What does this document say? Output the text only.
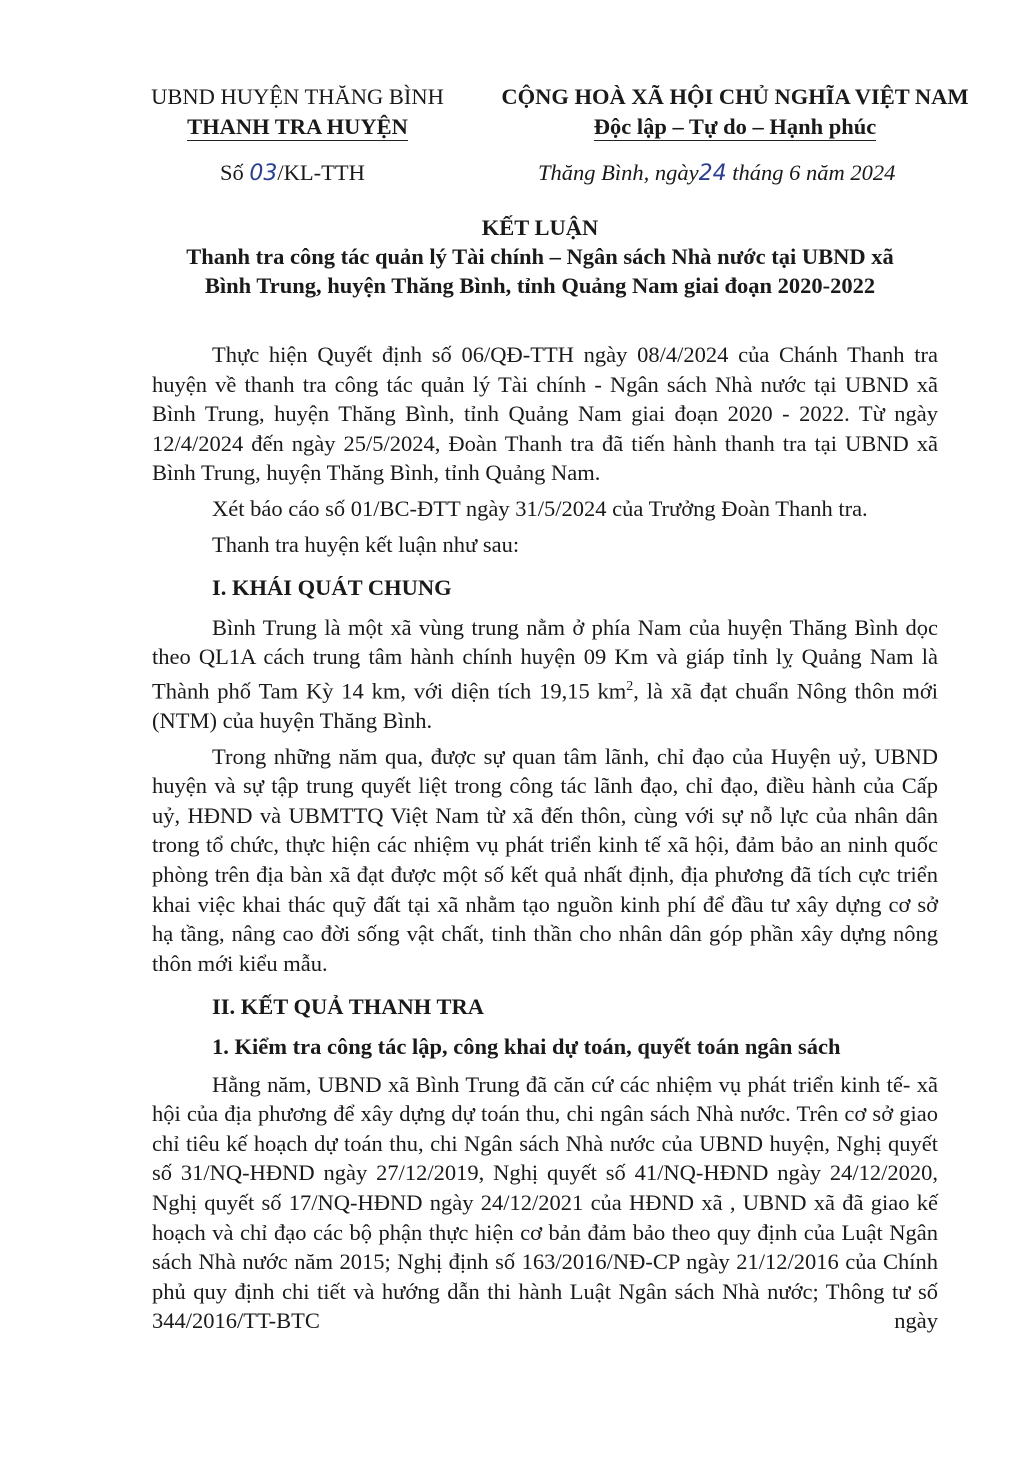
UBND HUYỆN THĂNG BÌNH
THANH TRA HUYỆN
CỘNG HOÀ XÃ HỘI CHỦ NGHĨA VIỆT NAM
Độc lập – Tự do – Hạnh phúc
Số 03/KL-TTH	Thăng Bình, ngày24 tháng 6 năm 2024
KẾT LUẬN
Thanh tra công tác quản lý Tài chính – Ngân sách Nhà nước tại UBND xã
Bình Trung, huyện Thăng Bình, tỉnh Quảng Nam giai đoạn 2020-2022

Thực hiện Quyết định số 06/QĐ-TTH ngày 08/4/2024 của Chánh Thanh tra huyện về thanh tra công tác quản lý Tài chính - Ngân sách Nhà nước tại UBND xã Bình Trung, huyện Thăng Bình, tỉnh Quảng Nam giai đoạn 2020 - 2022. Từ ngày 12/4/2024 đến ngày 25/5/2024, Đoàn Thanh tra đã tiến hành thanh tra tại UBND xã Bình Trung, huyện Thăng Bình, tỉnh Quảng Nam.

Xét báo cáo số 01/BC-ĐTT ngày 31/5/2024 của Trưởng Đoàn Thanh tra.

Thanh tra huyện kết luận như sau:

I. KHÁI QUÁT CHUNG

Bình Trung là một xã vùng trung nằm ở phía Nam của huyện Thăng Bình dọc theo QL1A cách trung tâm hành chính huyện 09 Km và giáp tỉnh lỵ Quảng Nam là Thành phố Tam Kỳ 14 km, với diện tích 19,15 $km^2$, là xã đạt chuẩn Nông thôn mới (NTM) của huyện Thăng Bình.

Trong những năm qua, được sự quan tâm lãnh, chỉ đạo của Huyện uỷ, UBND huyện và sự tập trung quyết liệt trong công tác lãnh đạo, chỉ đạo, điều hành của Cấp uỷ, HĐND và UBMTTQ Việt Nam từ xã đến thôn, cùng với sự nỗ lực của nhân dân trong tổ chức, thực hiện các nhiệm vụ phát triển kinh tế xã hội, đảm bảo an ninh quốc phòng trên địa bàn xã đạt được một số kết quả nhất định, địa phương đã tích cực triển khai việc khai thác quỹ đất tại xã nhằm tạo nguồn kinh phí để đầu tư xây dựng cơ sở hạ tầng, nâng cao đời sống vật chất, tinh thần cho nhân dân góp phần xây dựng nông thôn mới kiểu mẫu.

II. KẾT QUẢ THANH TRA
1. Kiểm tra công tác lập, công khai dự toán, quyết toán ngân sách

Hằng năm, UBND xã Bình Trung đã căn cứ các nhiệm vụ phát triển kinh tế- xã hội của địa phương để xây dựng dự toán thu, chi ngân sách Nhà nước. Trên cơ sở giao chỉ tiêu kế hoạch dự toán thu, chi Ngân sách Nhà nước của UBND huyện, Nghị quyết số 31/NQ-HĐND ngày 27/12/2019, Nghị quyết số 41/NQ-HĐND ngày 24/12/2020, Nghị quyết số 17/NQ-HĐND ngày 24/12/2021 của HĐND xã , UBND xã đã giao kế hoạch và chỉ đạo các bộ phận thực hiện cơ bản đảm bảo theo quy định của Luật Ngân sách Nhà nước năm 2015; Nghị định số 163/2016/NĐ-CP ngày 21/12/2016 của Chính phủ quy định chi tiết và hướng dẫn thi hành Luật Ngân sách Nhà nước; Thông tư số 344/2016/TT-BTC ngày
